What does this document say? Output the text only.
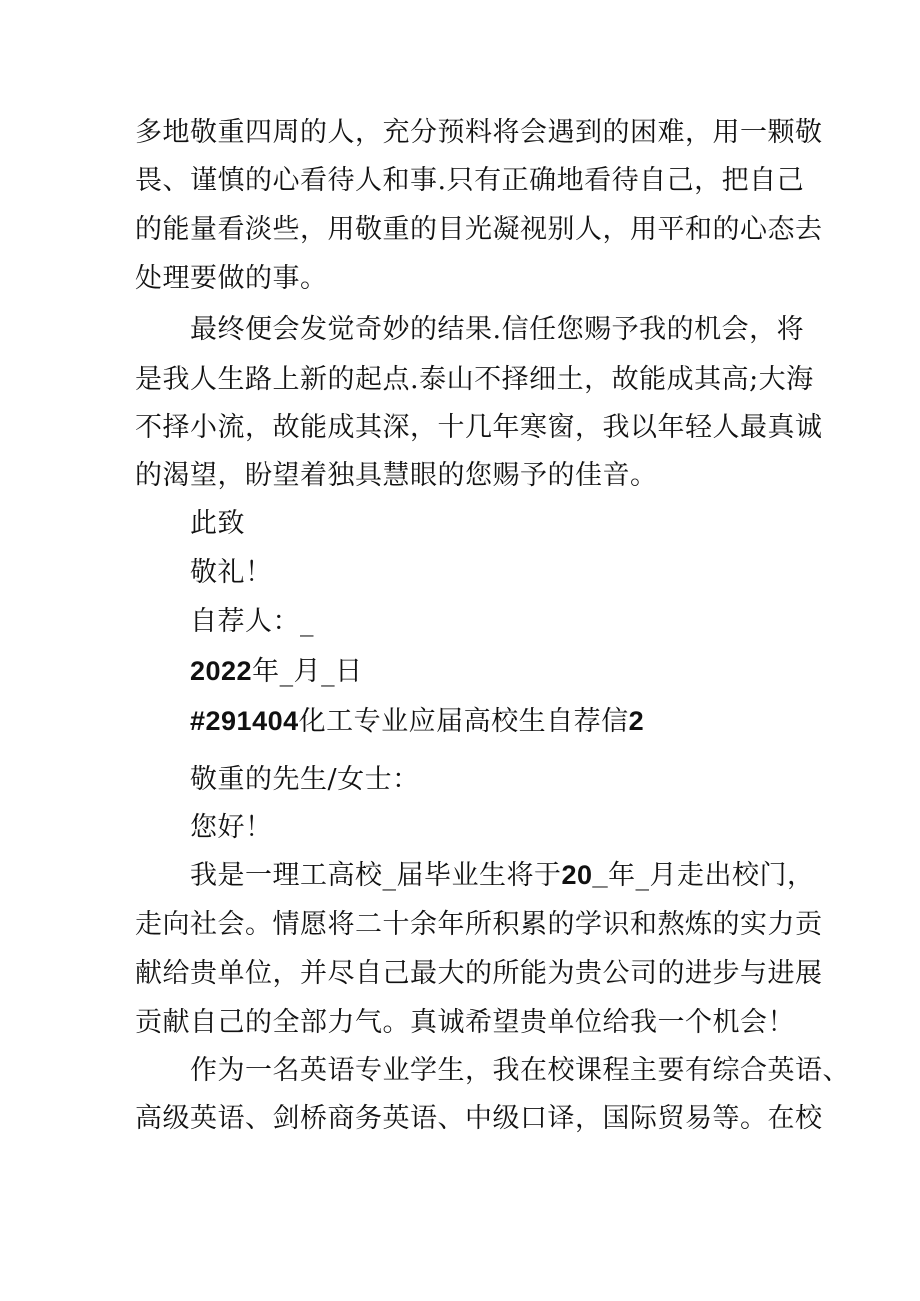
多地敬重四周的人，充分预料将会遇到的困难，用一颗敬
畏、谨慎的心看待人和事.只有正确地看待自己，把自己
的能量看淡些，用敬重的目光凝视别人，用平和的心态去
处理要做的事。
最终便会发觉奇妙的结果.信任您赐予我的机会，将
是我人生路上新的起点.泰山不择细土，故能成其高;大海
不择小流，故能成其深，十几年寒窗，我以年轻人最真诚
的渴望，盼望着独具慧眼的您赐予的佳音。
此致
敬礼！
自荐人：_
2022年_月_日
#291404化工专业应届高校生自荐信2
敬重的先生/女士：
您好！
我是一理工高校_届毕业生将于20_年_月走出校门，
走向社会。情愿将二十余年所积累的学识和熬炼的实力贡
献给贵单位，并尽自己最大的所能为贵公司的进步与进展
贡献自己的全部力气。真诚希望贵单位给我一个机会！
作为一名英语专业学生，我在校课程主要有综合英语、
高级英语、剑桥商务英语、中级口译，国际贸易等。在校
